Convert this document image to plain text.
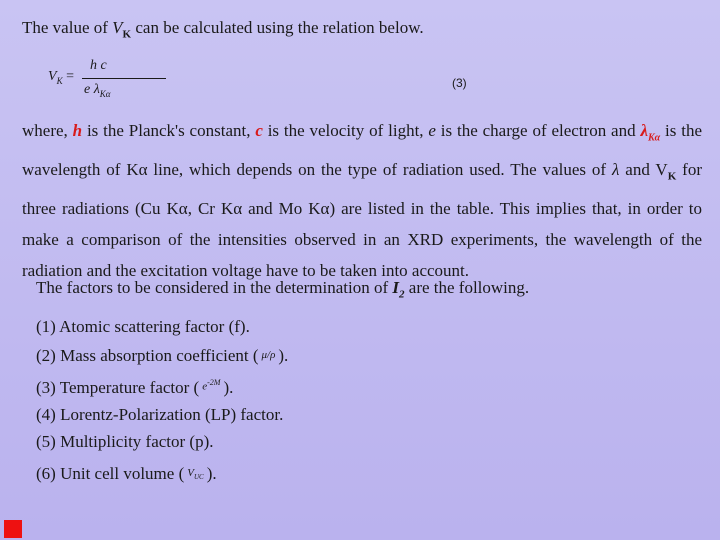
The value of $V_K$ can be calculated using the relation below.
$V_K$ =
h c
e $\lambda_{K\alpha}$
(3)

where, h is the Planck's constant, c is the velocity of light, e is the charge of electron and $\lambda_{K\alpha}$ is the wavelength of Kα line, which depends on the type of radiation used. The values of λ and $V_K$ for three radiations (Cu Kα, Cr Kα and Mo Kα) are listed in the table. This implies that, in order to make a comparison of the intensities observed in an XRD experiments, the wavelength of the radiation and the excitation voltage have to be taken into account.

The factors to be considered in the determination of $I_2$ are the following.
(1) Atomic scattering factor (f).
(2) Mass absorption coefficient ( μ/ρ ).
(3) Temperature factor ( $e^{-2M}$ ).
(4) Lorentz-Polarization (LP) factor.
(5) Multiplicity factor (p).
(6) Unit cell volume ( $V_{UC}$ ).
